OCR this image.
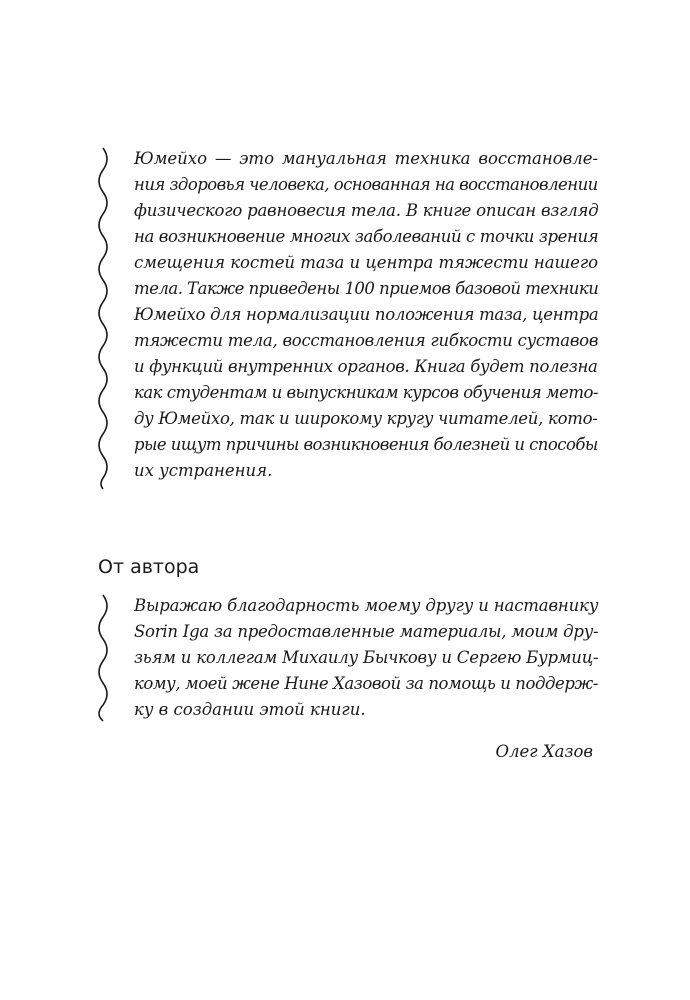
Юмейхо — это мануальная техника восстановле-
ния здоровья человека, основанная на восстановлении
физического равновесия тела. В книге описан взгляд
на возникновение многих заболеваний с точки зрения
смещения костей таза и центра тяжести нашего
тела. Также приведены 100 приемов базовой техники
Юмейхо для нормализации положения таза, центра
тяжести тела, восстановления гибкости суставов
и функций внутренних органов. Книга будет полезна
как студентам и выпускникам курсов обучения мето-
ду Юмейхо, так и широкому кругу читателей, кото-
рые ищут причины возникновения болезней и способы
их устранения.

От автора

Выражаю благодарность моему другу и наставнику
Sorin Iga за предоставленные материалы, моим дру-
зьям и коллегам Михаилу Бычкову и Сергею Бурмиц-
кому, моей жене Нине Хазовой за помощь и поддерж-
ку в создании этой книги.

Олег Хазов
